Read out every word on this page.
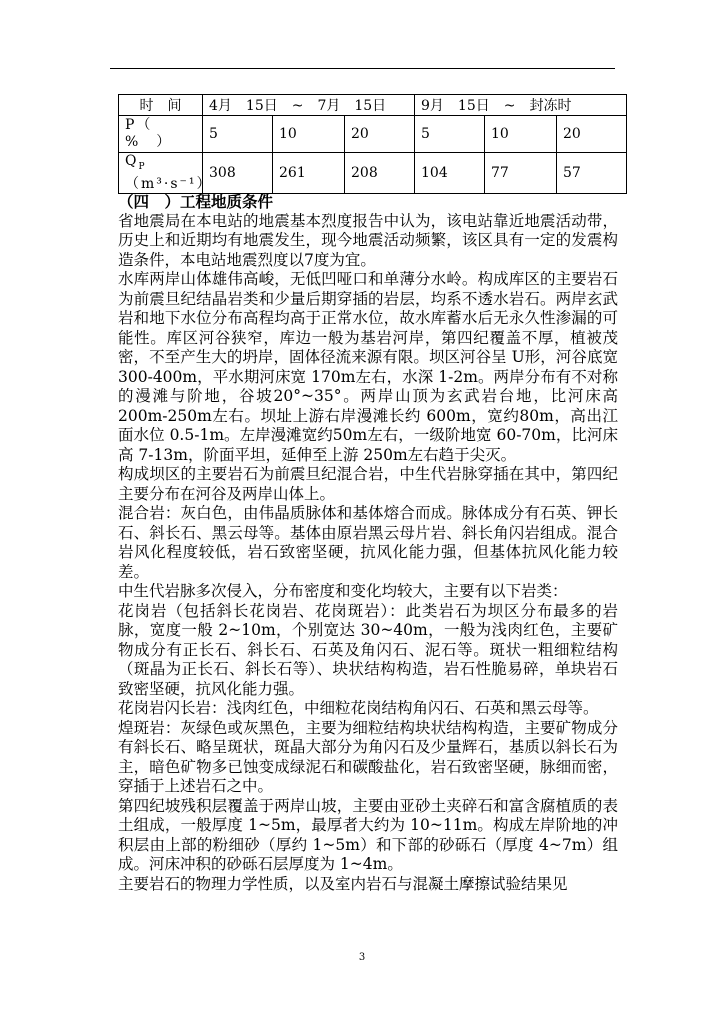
时　间	4月　15日　~　7月　15日			9月　15日　~　封冻时		
P（　%　）	5	10	20	5	10	20
$Q_P(m^3\cdot s^{-1})$	308	261	208	104	77	57

（四　）工程地质条件

省地震局在本电站的地震基本烈度报告中认为，该电站靠近地震活动带，历史上和近期均有地震发生，现今地震活动频繁，该区具有一定的发震构造条件，本电站地震烈度以7度为宜。

水库两岸山体雄伟高峻，无低凹哑口和单薄分水岭。构成库区的主要岩石为前震旦纪结晶岩类和少量后期穿插的岩层，均系不透水岩石。两岸玄武岩和地下水位分布高程均高于正常水位，故水库蓄水后无永久性渗漏的可能性。库区河谷狭窄，库边一般为基岩河岸，第四纪覆盖不厚，植被茂密，不至产生大的坍岸，固体径流来源有限。坝区河谷呈 U形，河谷底宽 300-400m，平水期河床宽 170m左右，水深 1-2m。两岸分布有不对称的漫滩与阶地，谷坡20°~35°。两岸山顶为玄武岩台地，比河床高 200m-250m左右。坝址上游右岸漫滩长约 600m，宽约80m，高出江面水位 0.5-1m。左岸漫滩宽约50m左右，一级阶地宽 60-70m，比河床高 7-13m，阶面平坦，延伸至上游 250m左右趋于尖灭。

构成坝区的主要岩石为前震旦纪混合岩，中生代岩脉穿插在其中，第四纪主要分布在河谷及两岸山体上。

混合岩：灰白色，由伟晶质脉体和基体熔合而成。脉体成分有石英、钾长石、斜长石、黑云母等。基体由原岩黑云母片岩、斜长角闪岩组成。混合岩风化程度较低，岩石致密坚硬，抗风化能力强，但基体抗风化能力较差。

中生代岩脉多次侵入，分布密度和变化均较大，主要有以下岩类：

花岗岩（包括斜长花岗岩、花岗斑岩）：此类岩石为坝区分布最多的岩脉，宽度一般 2~10m，个别宽达 30~40m，一般为浅肉红色，主要矿物成分有正长石、斜长石、石英及角闪石、泥石等。斑状一粗细粒结构（斑晶为正长石、斜长石等）、块状结构构造，岩石性脆易碎，单块岩石致密坚硬，抗风化能力强。

花岗岩闪长岩：浅肉红色，中细粒花岗结构角闪石、石英和黑云母等。

煌斑岩：灰绿色或灰黑色，主要为细粒结构块状结构构造，主要矿物成分有斜长石、略呈斑状，斑晶大部分为角闪石及少量辉石，基质以斜长石为主，暗色矿物多已蚀变成绿泥石和碳酸盐化，岩石致密坚硬，脉细而密，穿插于上述岩石之中。

第四纪坡残积层覆盖于两岸山坡，主要由亚砂土夹碎石和富含腐植质的表土组成，一般厚度 1~5m，最厚者大约为 10~11m。构成左岸阶地的冲积层由上部的粉细砂（厚约 1~5m）和下部的砂砾石（厚度 4~7m）组成。河床冲积的砂砾石层厚度为 1~4m。

主要岩石的物理力学性质，以及室内岩石与混凝土摩擦试验结果见

3
